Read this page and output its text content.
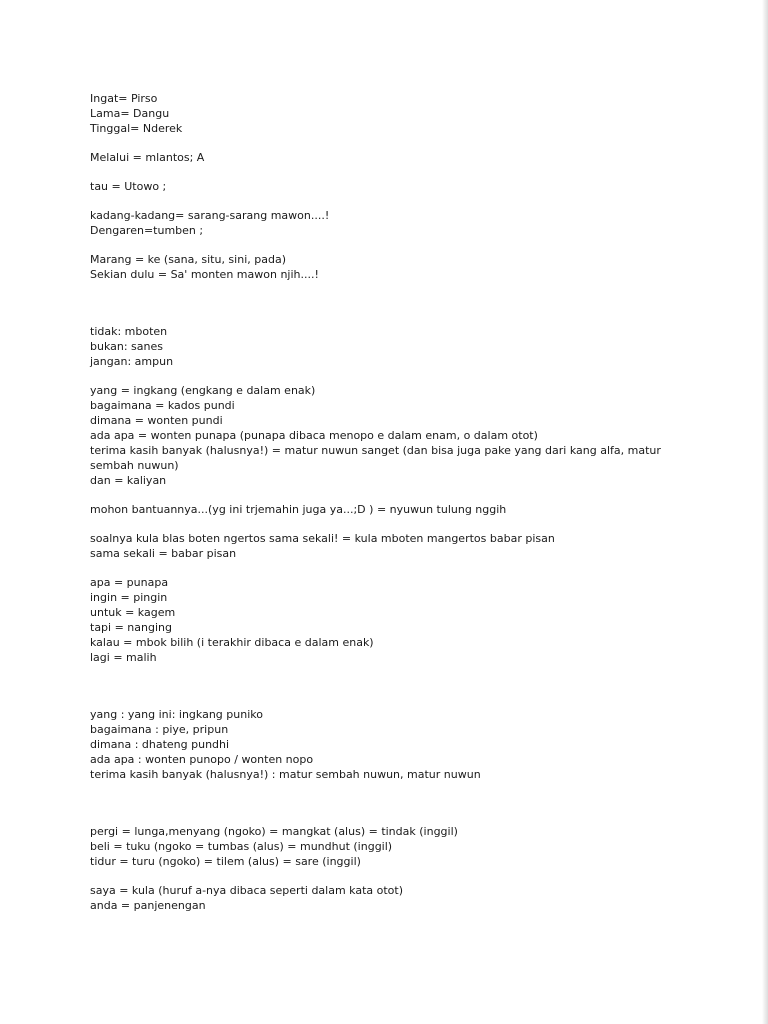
Ingat= Pirso
Lama= Dangu
Tinggal= Nderek
Melalui = mlantos; A
tau = Utowo ;
kadang-kadang= sarang-sarang mawon....!
Dengaren=tumben ;
Marang = ke (sana, situ, sini, pada)
Sekian dulu = Sa' monten mawon njih....!
tidak: mboten
bukan: sanes
jangan: ampun
yang = ingkang (engkang e dalam enak)
bagaimana = kados pundi
dimana = wonten pundi
ada apa = wonten punapa (punapa dibaca menopo e dalam enam, o dalam otot)
terima kasih banyak (halusnya!) = matur nuwun sanget (dan bisa juga pake yang dari kang alfa, matur sembah nuwun)
dan = kaliyan
mohon bantuannya...(yg ini trjemahin juga ya...;D ) = nyuwun tulung nggih
soalnya kula blas boten ngertos sama sekali! = kula mboten mangertos babar pisan
sama sekali = babar pisan
apa = punapa
ingin = pingin
untuk = kagem
tapi = nanging
kalau = mbok bilih (i terakhir dibaca e dalam enak)
lagi = malih
yang : yang ini: ingkang puniko
bagaimana : piye, pripun
dimana : dhateng pundhi
ada apa : wonten punopo / wonten nopo
terima kasih banyak (halusnya!) : matur sembah nuwun, matur nuwun
pergi = lunga,menyang (ngoko) = mangkat (alus) = tindak (inggil)
beli = tuku (ngoko = tumbas (alus) = mundhut (inggil)
tidur = turu (ngoko) = tilem (alus) = sare (inggil)
saya = kula (huruf a-nya dibaca seperti dalam kata otot)
anda = panjenengan
